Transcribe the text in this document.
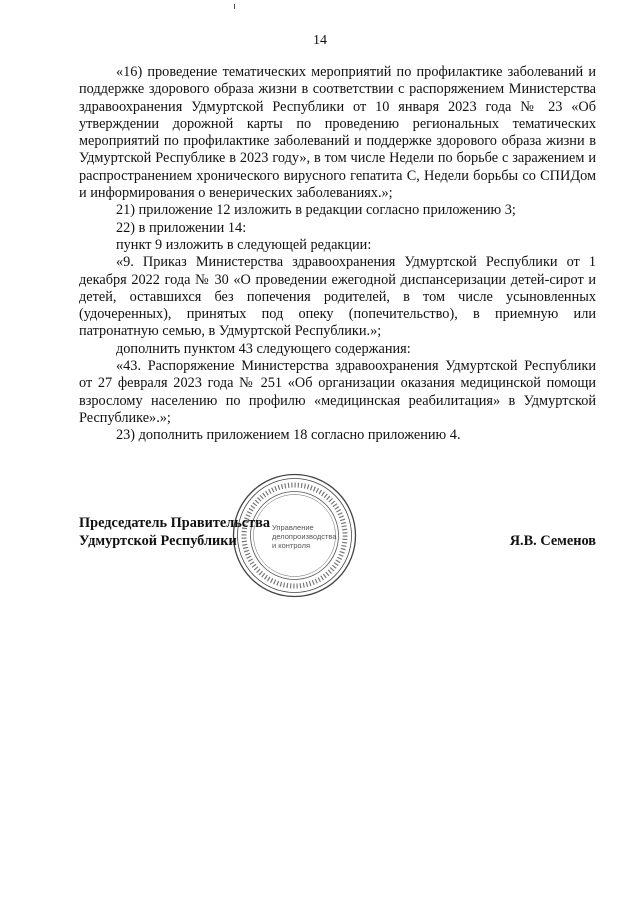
14

«16) проведение тематических мероприятий по профилактике заболеваний и поддержке здорового образа жизни в соответствии с распоряжением Министерства здравоохранения Удмуртской Республики от 10 января 2023 года № 23 «Об утверждении дорожной карты по проведению региональных тематических мероприятий по профилактике заболеваний и поддержке здорового образа жизни в Удмуртской Республике в 2023 году», в том числе Недели по борьбе с заражением и распространением хронического вирусного гепатита С, Недели борьбы со СПИДом и информирования о венерических заболеваниях.»;

21) приложение 12 изложить в редакции согласно приложению 3;

22) в приложении 14:

пункт 9 изложить в следующей редакции:

«9. Приказ Министерства здравоохранения Удмуртской Республики от 1 декабря 2022 года № 30 «О проведении ежегодной диспансеризации детей-сирот и детей, оставшихся без попечения родителей, в том числе усыновленных (удочеренных), принятых под опеку (попечительство), в приемную или патронатную семью, в Удмуртской Республики.»;

дополнить пунктом 43 следующего содержания:

«43. Распоряжение Министерства здравоохранения Удмуртской Республики от 27 февраля 2023 года № 251 «Об организации оказания медицинской помощи взрослому населению по профилю «медицинская реабилитация» в Удмуртской Республике».»;

23) дополнить приложением 18 согласно приложению 4.

Управление делопроизводства и контроля
Председатель Правительства
Удмуртской Республики	Я.В. Семенов
